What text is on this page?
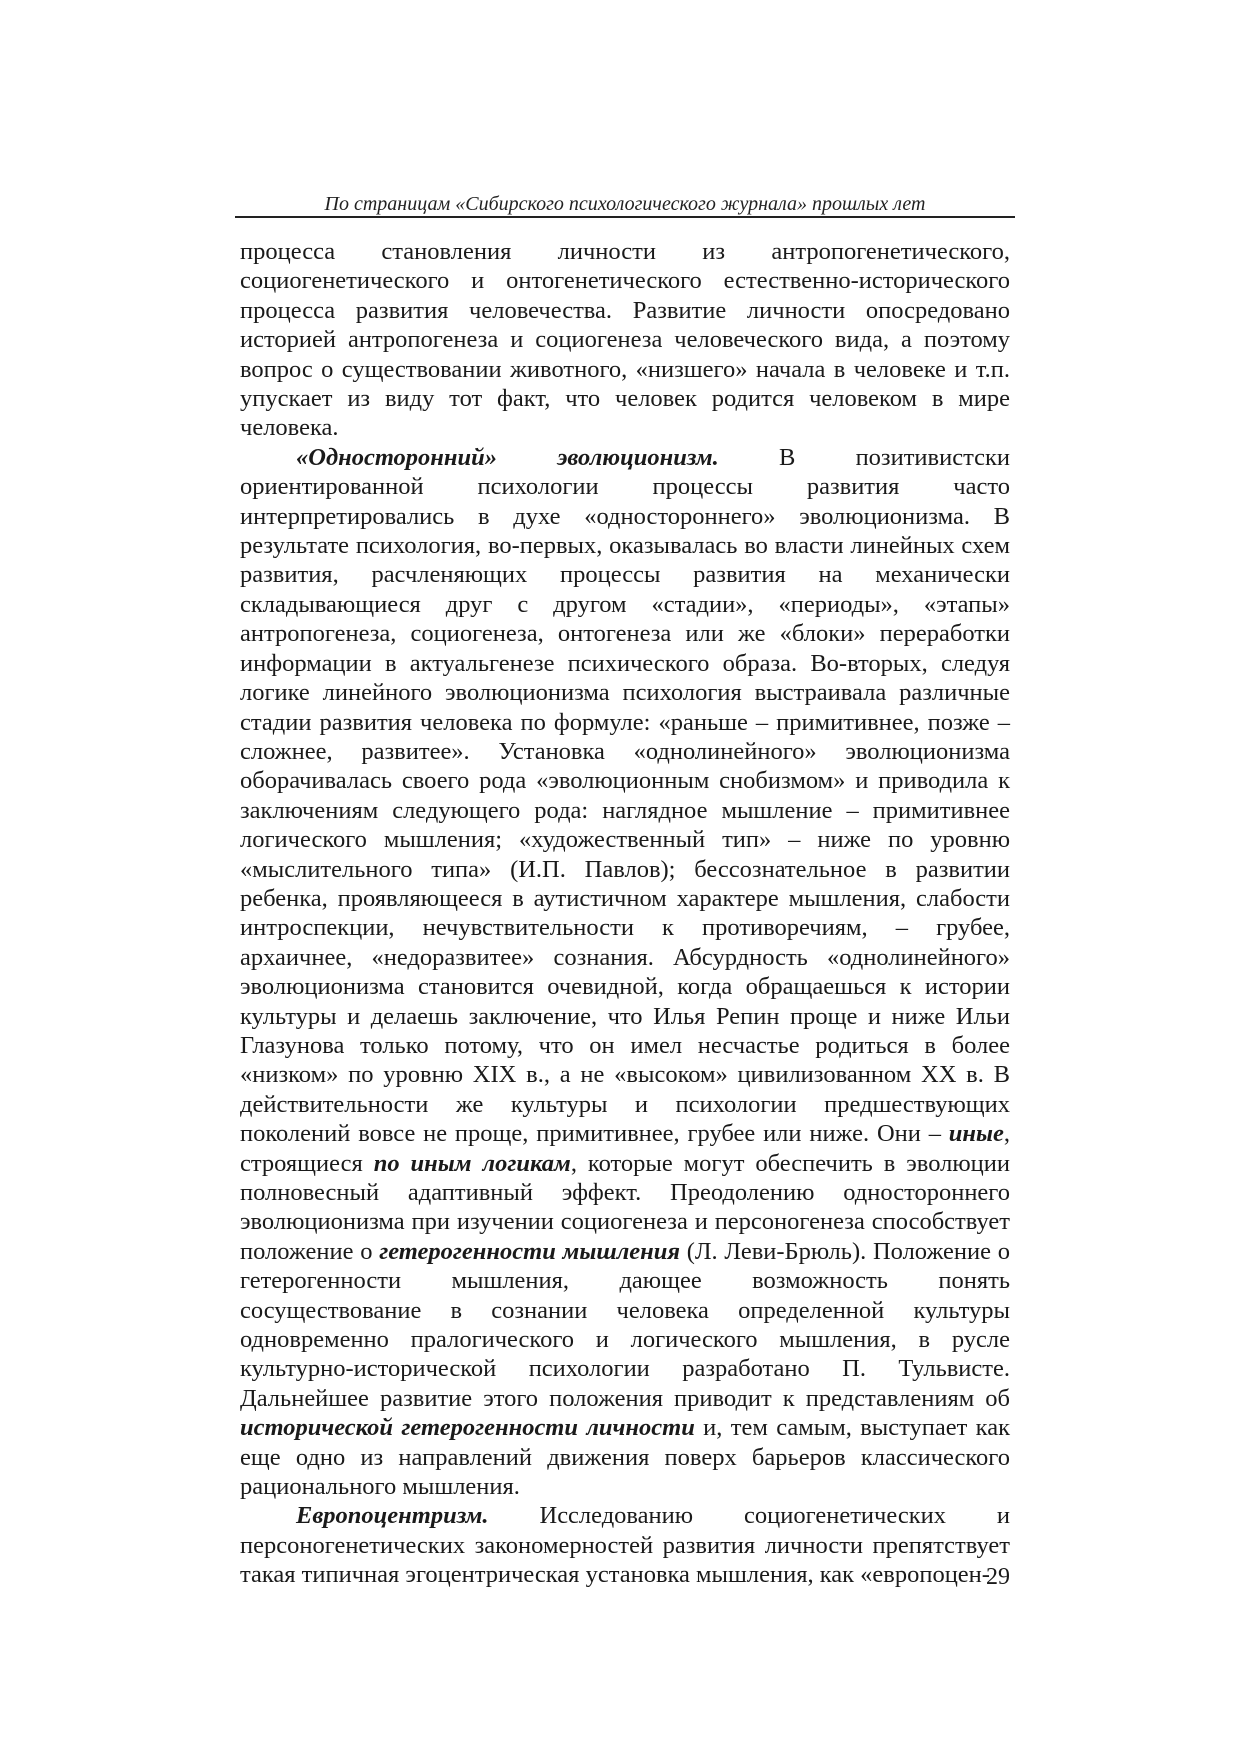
По страницам «Сибирского психологического журнала» прошлых лет

процесса становления личности из антропогенетического, социогенетического и онтогенетического естественно-исторического процесса развития человечества. Развитие личности опосредовано историей антропогенеза и социогенеза человеческого вида, а поэтому вопрос о существовании животного, «низшего» начала в человеке и т.п. упускает из виду тот факт, что человек родится человеком в мире человека.

«Односторонний» эволюционизм. В позитивистски ориентированной психологии процессы развития часто интерпретировались в духе «одностороннего» эволюционизма. В результате психология, во-первых, оказывалась во власти линейных схем развития, расчленяющих процессы развития на механически складывающиеся друг с другом «стадии», «периоды», «этапы» антропогенеза, социогенеза, онтогенеза или же «блоки» переработки информации в актуальгенезе психического образа. Во-вторых, следуя логике линейного эволюционизма психология выстраивала различные стадии развития человека по формуле: «раньше – примитивнее, позже – сложнее, развитее». Установка «однолинейного» эволюционизма оборачивалась своего рода «эволюционным снобизмом» и приводила к заключениям следующего рода: наглядное мышление – примитивнее логического мышления; «художественный тип» – ниже по уровню «мыслительного типа» (И.П. Павлов); бессознательное в развитии ребенка, проявляющееся в аутистичном характере мышления, слабости интроспекции, нечувствительности к противоречиям, – грубее, архаичнее, «недоразвитее» сознания. Абсурдность «однолинейного» эволюционизма становится очевидной, когда обращаешься к истории культуры и делаешь заключение, что Илья Репин проще и ниже Ильи Глазунова только потому, что он имел несчастье родиться в более «низком» по уровню XIX в., а не «высоком» цивилизованном XX в. В действительности же культуры и психологии предшествующих поколений вовсе не проще, примитивнее, грубее или ниже. Они – иные, строящиеся по иным логикам, которые могут обеспечить в эволюции полновесный адаптивный эффект. Преодолению одностороннего эволюционизма при изучении социогенеза и персоногенеза способствует положение о гетерогенности мышления (Л. Леви-Брюль). Положение о гетерогенности мышления, дающее возможность понять сосуществование в сознании человека определенной культуры одновременно пралогического и логического мышления, в русле культурно-исторической психологии разработано П. Тульвисте. Дальнейшее развитие этого положения приводит к представлениям об исторической гетерогенности личности и, тем самым, выступает как еще одно из направлений движения поверх барьеров классического рационального мышления.

Европоцентризм. Исследованию социогенетических и персоногенетических закономерностей развития личности препятствует такая типичная эгоцентрическая установка мышления, как «европоцен-

29
